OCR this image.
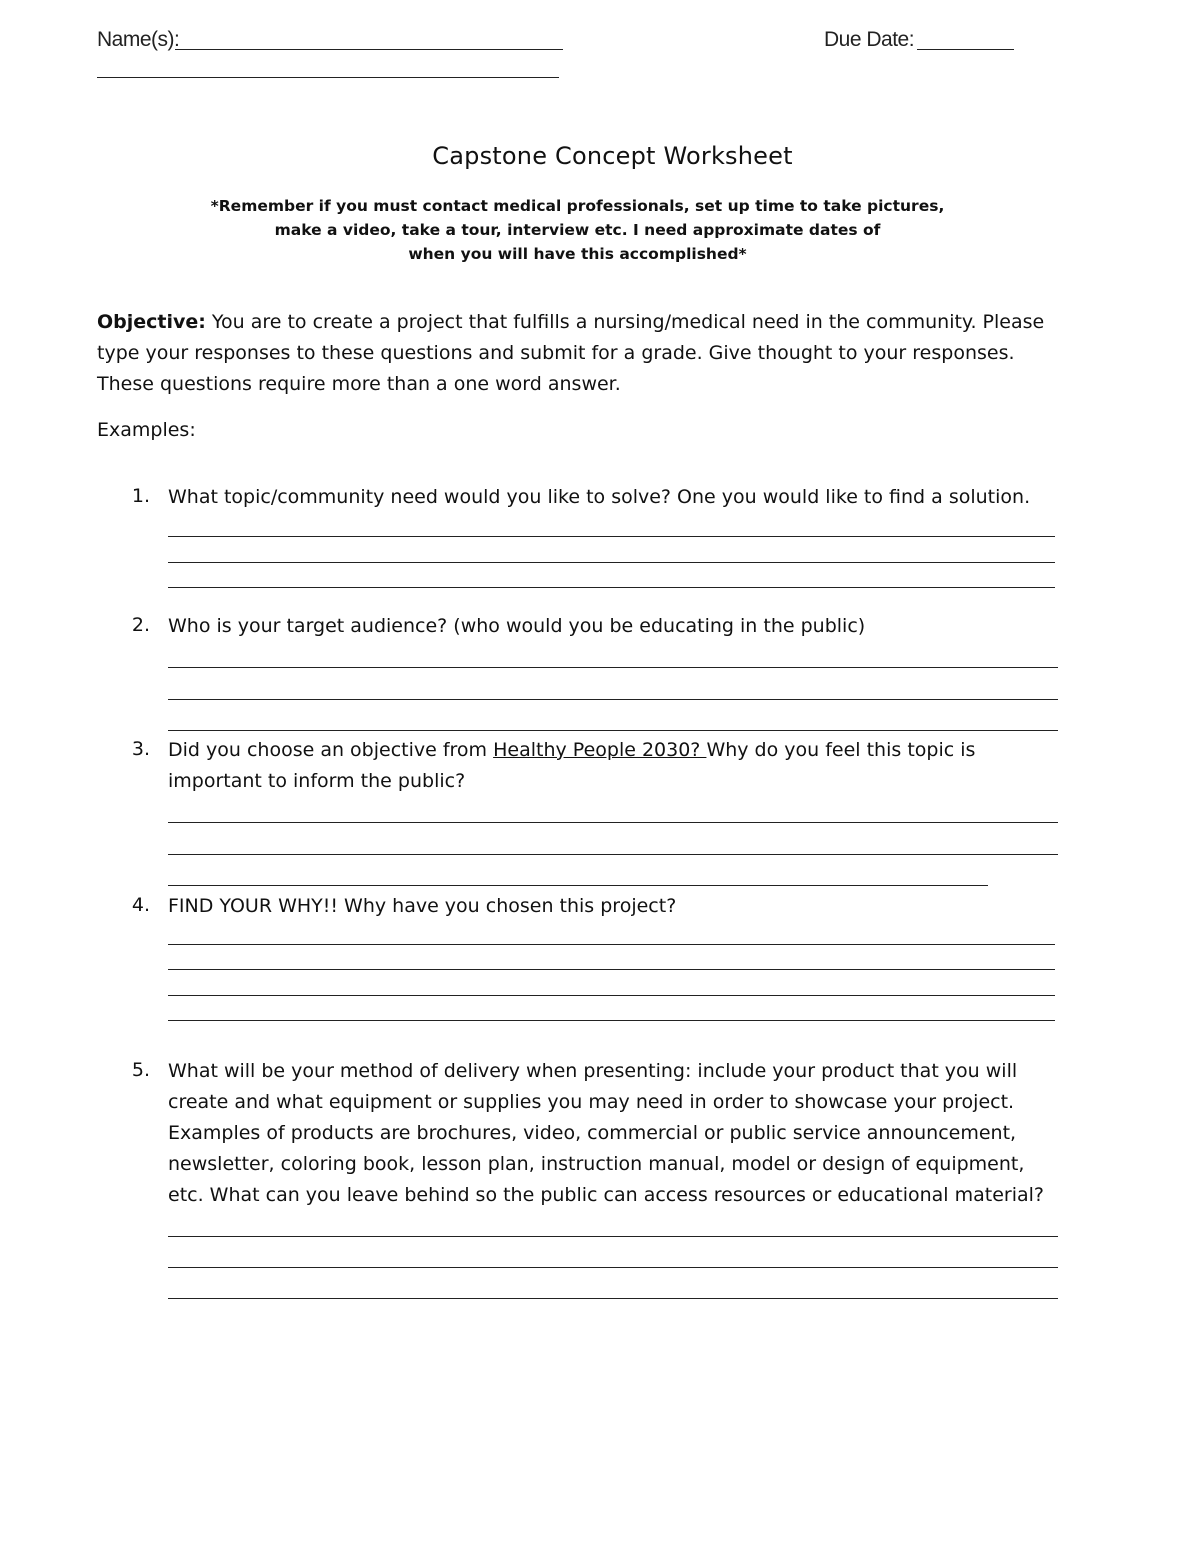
Name(s):	Due Date:
Capstone Concept Worksheet
*Remember if you must contact medical professionals, set up time to take pictures,
make a video, take a tour, interview etc. I need approximate dates of
when you will have this accomplished*
Objective: You are to create a project that fulfills a nursing/medical need in the community. Please
type your responses to these questions and submit for a grade. Give thought to your responses.
These questions require more than a one word answer.
Examples:
1. What topic/community need would you like to solve? One you would like to find a solution.
2. Who is your target audience? (who would you be educating in the public)
3. Did you choose an objective from Healthy People 2030? Why do you feel this topic is
important to inform the public?
4. FIND YOUR WHY!! Why have you chosen this project?
5. What will be your method of delivery when presenting: include your product that you will
create and what equipment or supplies you may need in order to showcase your project.
Examples of products are brochures, video, commercial or public service announcement,
newsletter, coloring book, lesson plan, instruction manual, model or design of equipment,
etc. What can you leave behind so the public can access resources or educational material?
